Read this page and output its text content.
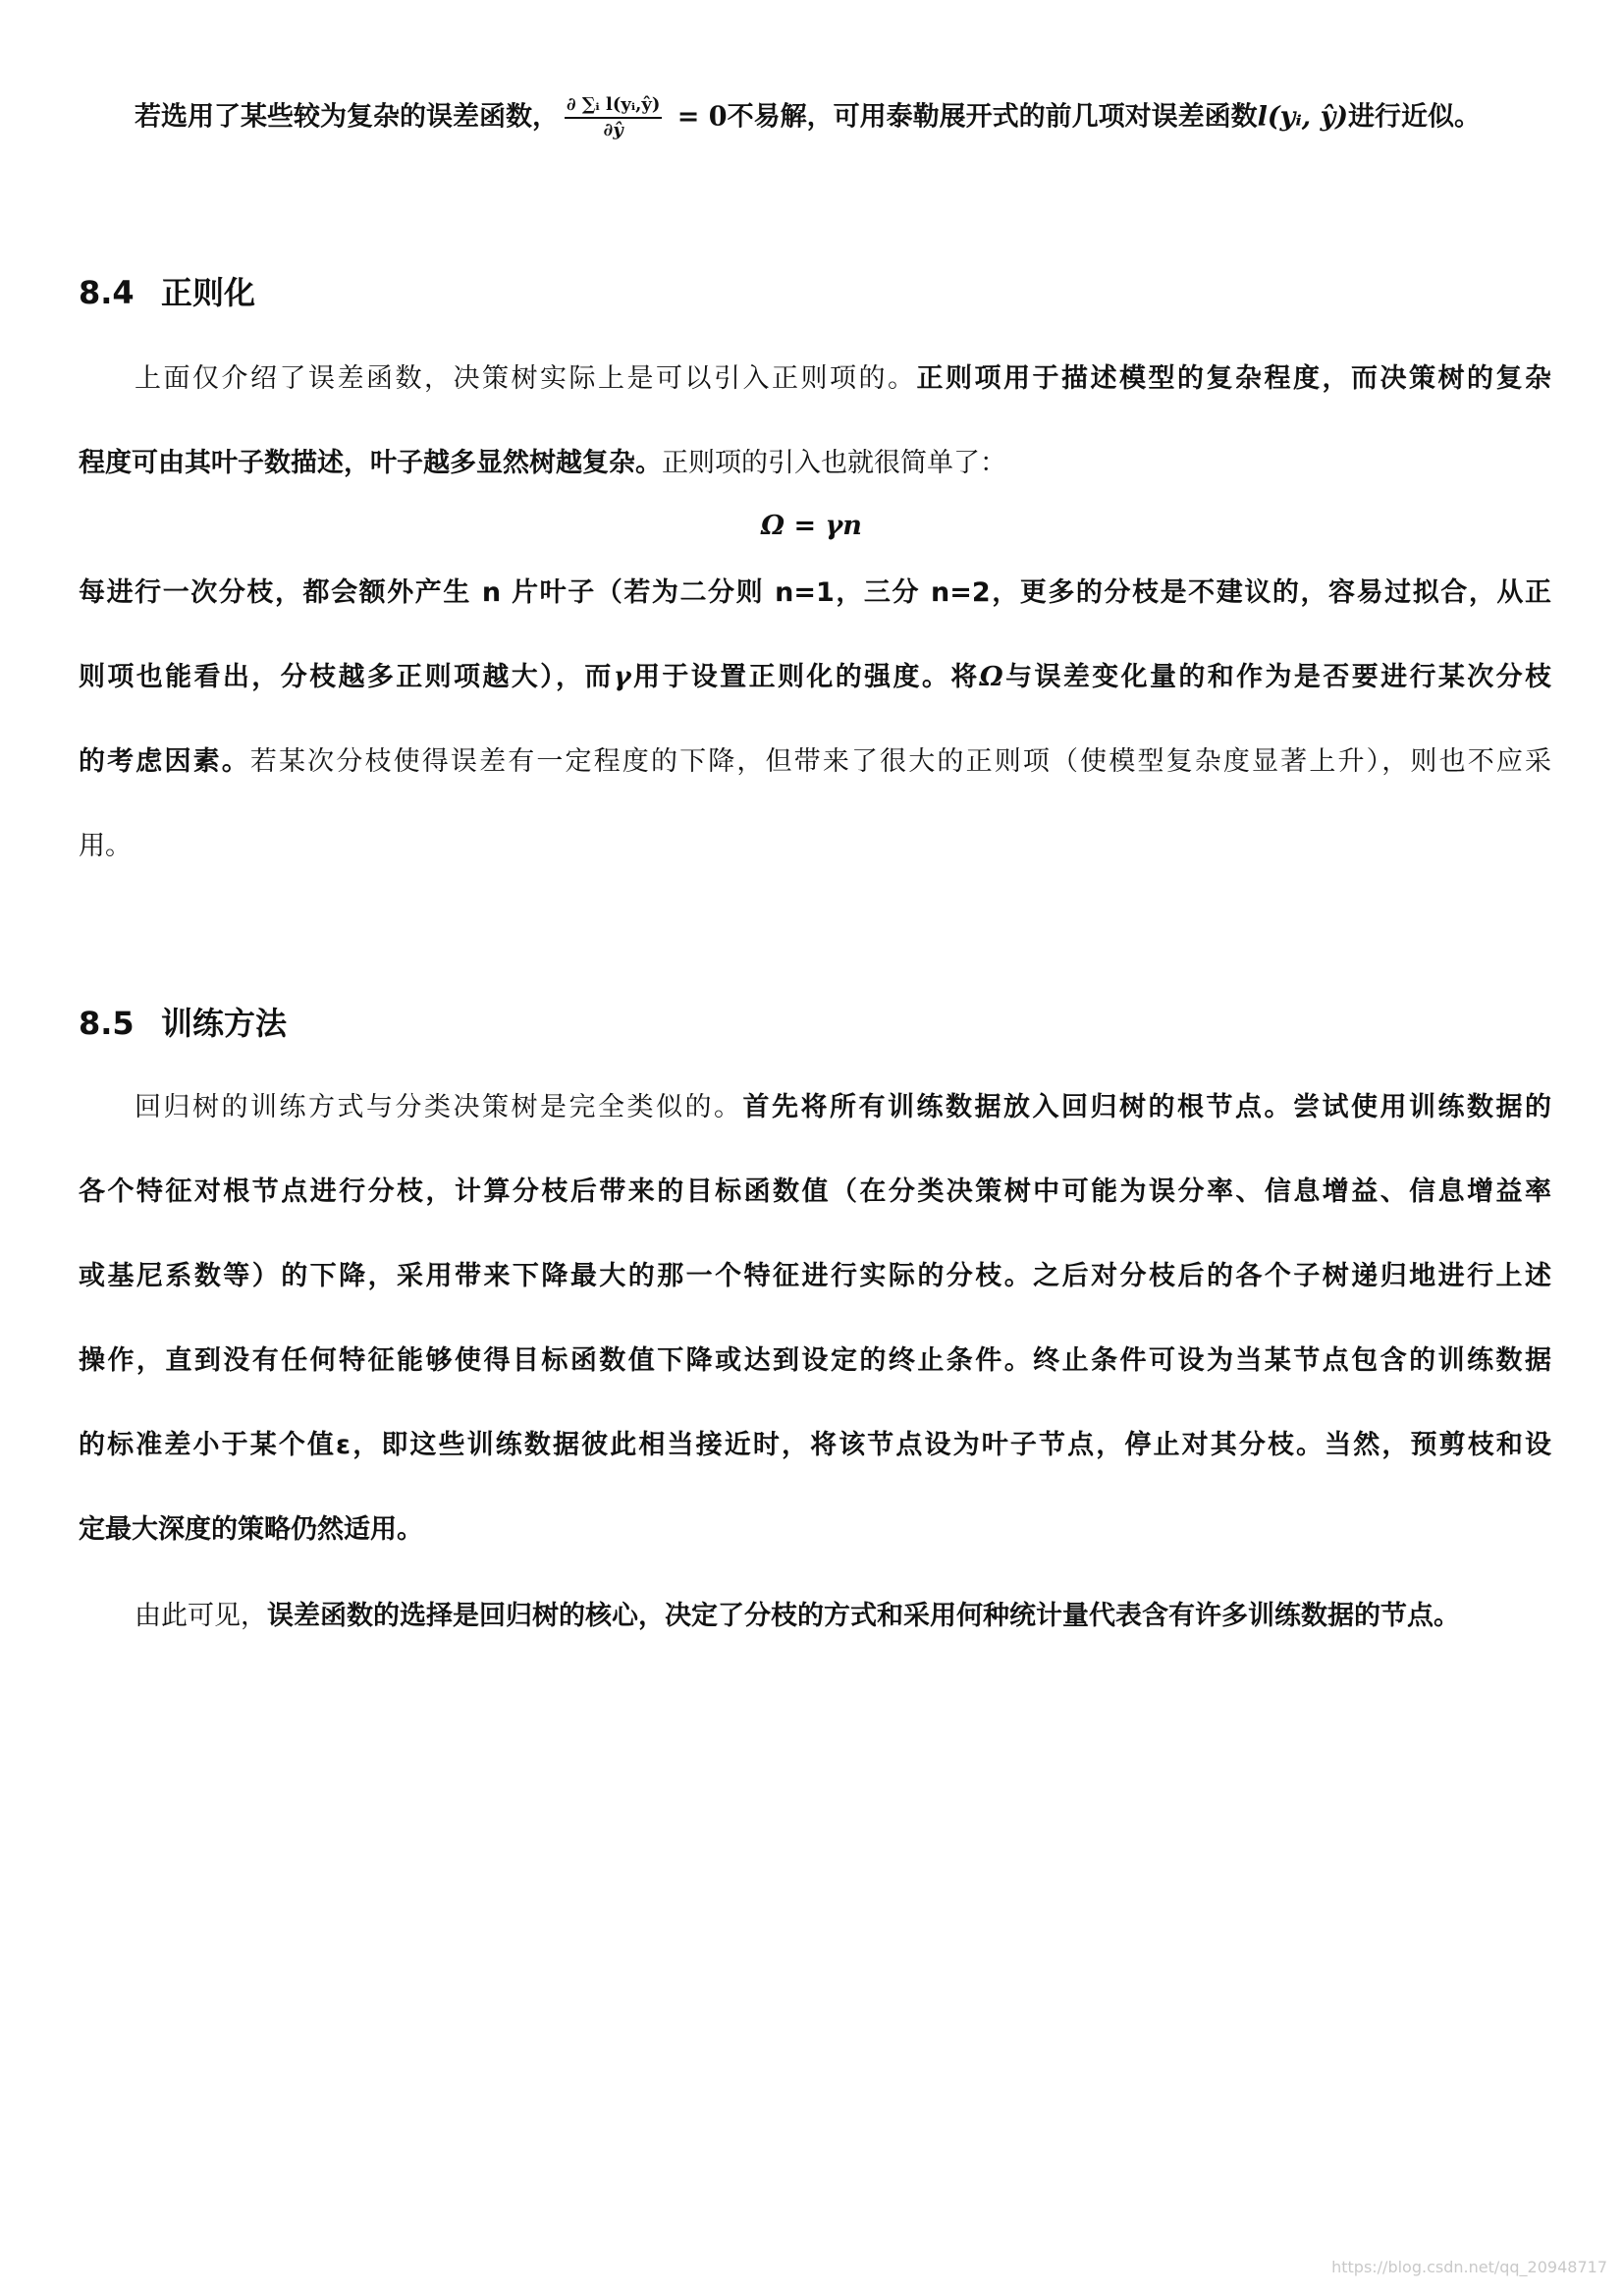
若选用了某些较为复杂的误差函数， $\frac{\text{∂ ∑ᵢ l(yᵢ,ŷ)}}{\partial ŷ} = 0$不易解，可用泰勒展开式的前几项对误差函数l(yᵢ, ŷ)进行近似。
8.4 正则化
上面仅介绍了误差函数，决策树实际上是可以引入正则项的。正则项用于描述模型的复杂程度，而决策树的复杂
程度可由其叶子数描述，叶子越多显然树越复杂。正则项的引入也就很简单了：
Ω = γn
每进行一次分枝，都会额外产生 n 片叶子（若为二分则 n=1，三分 n=2，更多的分枝是不建议的，容易过拟合，从正
则项也能看出，分枝越多正则项越大），而γ用于设置正则化的强度。将Ω与误差变化量的和作为是否要进行某次分枝
的考虑因素。若某次分枝使得误差有一定程度的下降，但带来了很大的正则项（使模型复杂度显著上升），则也不应采
用。
8.5 训练方法
回归树的训练方式与分类决策树是完全类似的。首先将所有训练数据放入回归树的根节点。尝试使用训练数据的
各个特征对根节点进行分枝，计算分枝后带来的目标函数值（在分类决策树中可能为误分率、信息增益、信息增益率
或基尼系数等）的下降，采用带来下降最大的那一个特征进行实际的分枝。之后对分枝后的各个子树递归地进行上述
操作，直到没有任何特征能够使得目标函数值下降或达到设定的终止条件。终止条件可设为当某节点包含的训练数据
的标准差小于某个值ε，即这些训练数据彼此相当接近时，将该节点设为叶子节点，停止对其分枝。当然，预剪枝和设
定最大深度的策略仍然适用。
由此可见，误差函数的选择是回归树的核心，决定了分枝的方式和采用何种统计量代表含有许多训练数据的节点。
https://blog.csdn.net/qq_20948717
